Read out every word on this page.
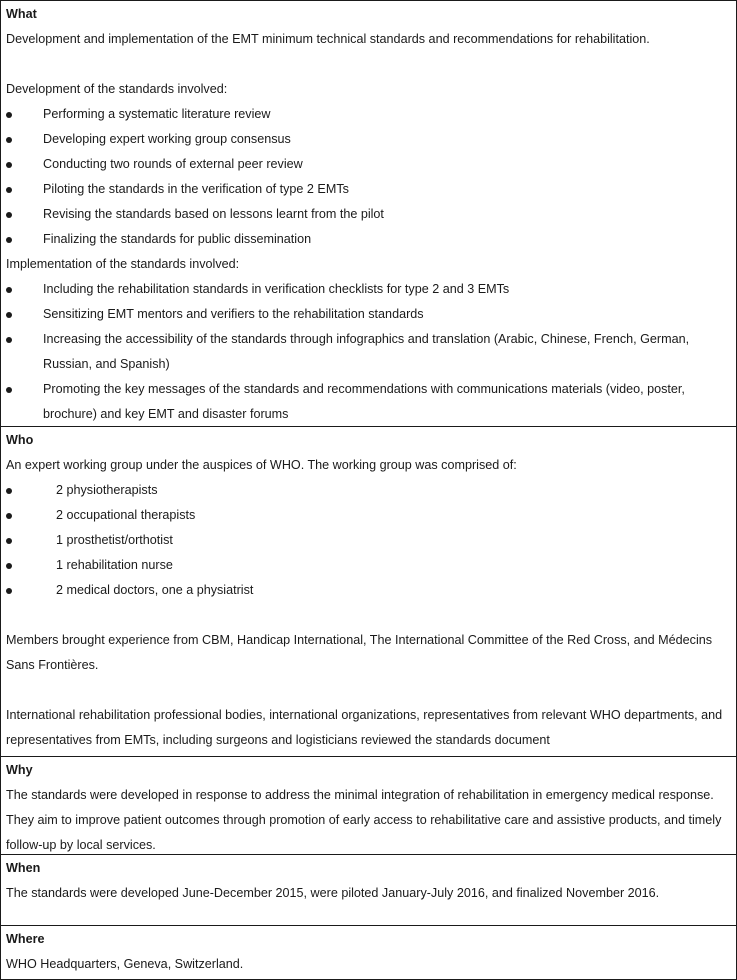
What

Development and implementation of the EMT minimum technical standards and recommendations for rehabilitation.

Development of the standards involved:

Performing a systematic literature review
Developing expert working group consensus
Conducting two rounds of external peer review
Piloting the standards in the verification of type 2 EMTs
Revising the standards based on lessons learnt from the pilot
Finalizing the standards for public dissemination

Implementation of the standards involved:

Including the rehabilitation standards in verification checklists for type 2 and 3 EMTs
Sensitizing EMT mentors and verifiers to the rehabilitation standards
Increasing the accessibility of the standards through infographics and translation (Arabic, Chinese, French, German, Russian, and Spanish)
Promoting the key messages of the standards and recommendations with communications materials (video, poster, brochure) and key EMT and disaster forums

Who

An expert working group under the auspices of WHO. The working group was comprised of:

2 physiotherapists
2 occupational therapists
1 prosthetist/orthotist
1 rehabilitation nurse
2 medical doctors, one a physiatrist

Members brought experience from CBM, Handicap International, The International Committee of the Red Cross, and Médecins Sans Frontières.

International rehabilitation professional bodies, international organizations, representatives from relevant WHO departments, and representatives from EMTs, including surgeons and logisticians reviewed the standards document

Why

The standards were developed in response to address the minimal integration of rehabilitation in emergency medical response. They aim to improve patient outcomes through promotion of early access to rehabilitative care and assistive products, and timely follow-up by local services.

When

The standards were developed June-December 2015, were piloted January-July 2016, and finalized November 2016.

Where

WHO Headquarters, Geneva, Switzerland.
